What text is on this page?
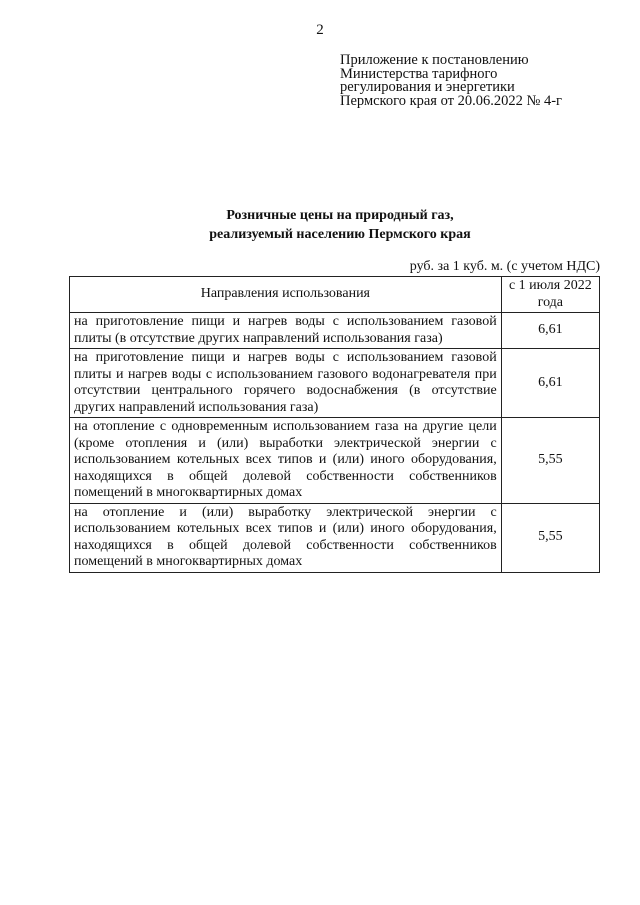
2
Приложение к постановлению
Министерства тарифного
регулирования и энергетики
Пермского края от 20.06.2022 № 4-г
Розничные цены на природный газ,
реализуемый населению Пермского края
руб. за 1 куб. м. (с учетом НДС)
Направления использования	с 1 июля 2022 года
на приготовление пищи и нагрев воды с использованием газовой плиты (в отсутствие других направлений использования газа)	6,61
на приготовление пищи и нагрев воды с использованием газовой плиты и нагрев воды с использованием газового водонагревателя при отсутствии центрального горячего водоснабжения (в отсутствие других направлений использования газа)	6,61
на отопление с одновременным использованием газа на другие цели (кроме отопления и (или) выработки электрической энергии с использованием котельных всех типов и (или) иного оборудования, находящихся в общей долевой собственности собственников помещений в многоквартирных домах	5,55
на отопление и (или) выработку электрической энергии с использованием котельных всех типов и (или) иного оборудования, находящихся в общей долевой собственности собственников помещений в многоквартирных домах	5,55
